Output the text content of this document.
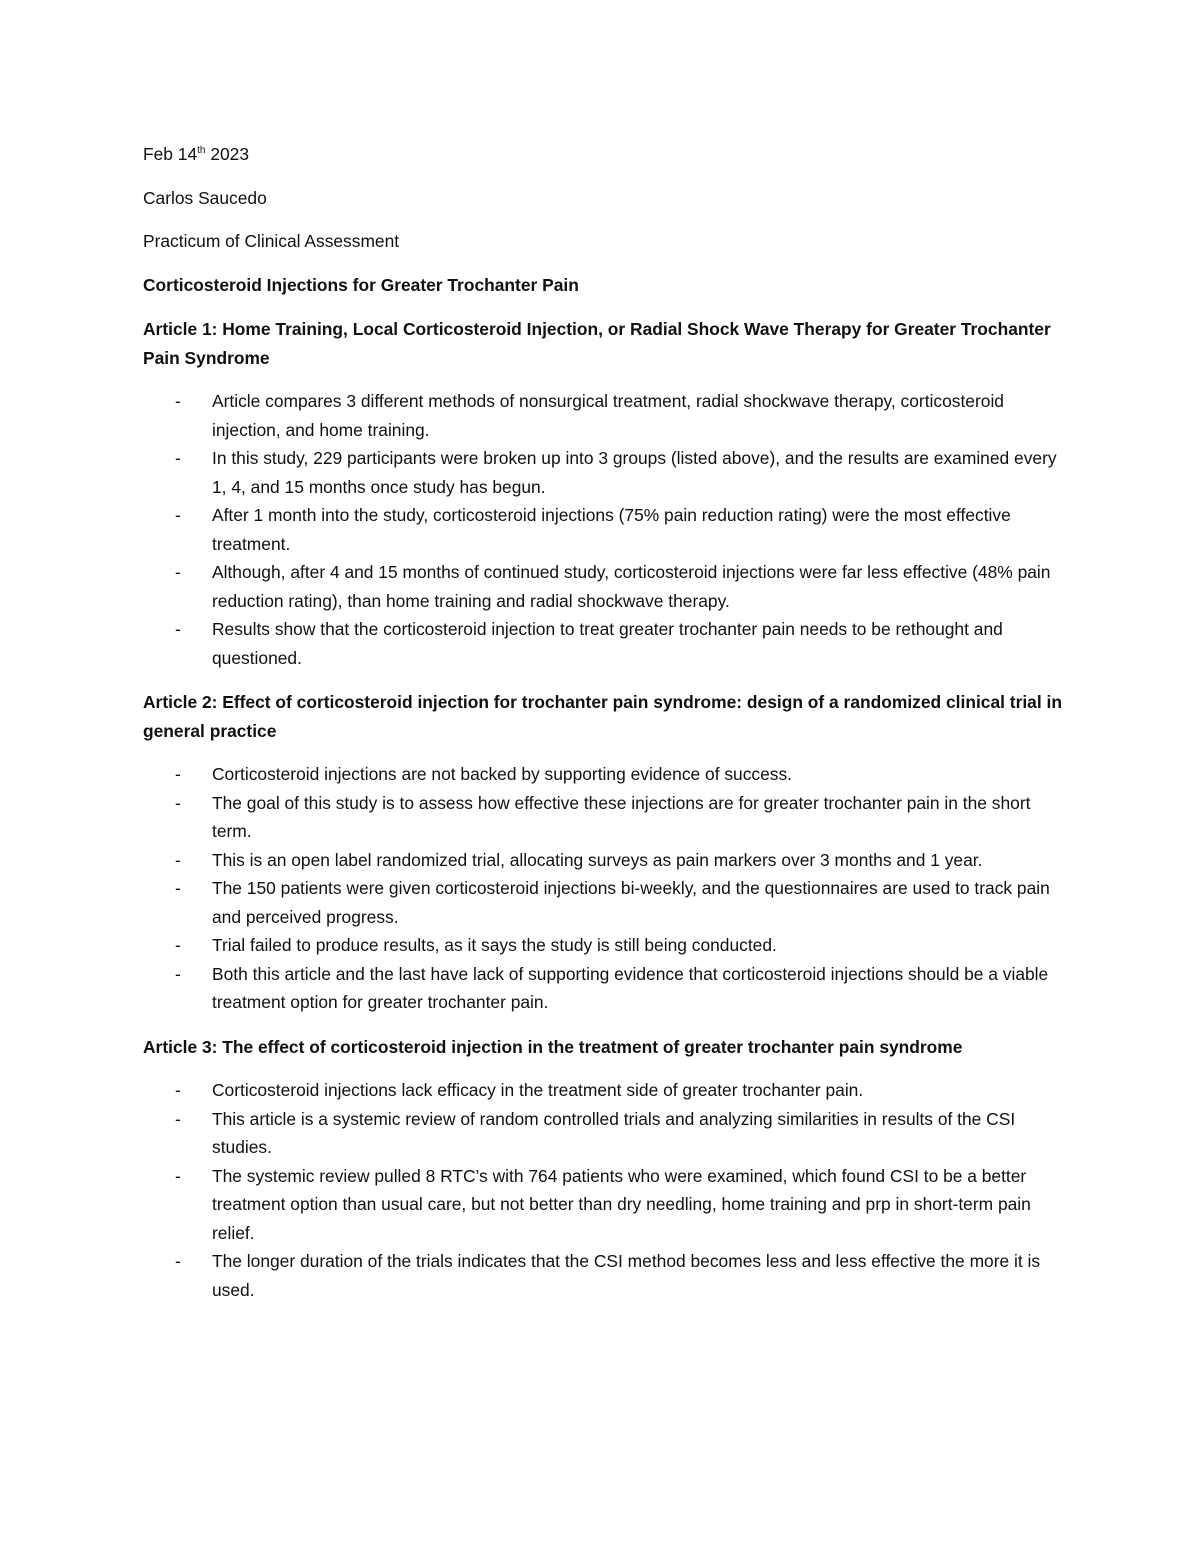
Feb 14th 2023

Carlos Saucedo

Practicum of Clinical Assessment

Corticosteroid Injections for Greater Trochanter Pain

Article 1: Home Training, Local Corticosteroid Injection, or Radial Shock Wave Therapy for Greater Trochanter Pain Syndrome

- Article compares 3 different methods of nonsurgical treatment, radial shockwave therapy, corticosteroid injection, and home training.
- In this study, 229 participants were broken up into 3 groups (listed above), and the results are examined every 1, 4, and 15 months once study has begun.
- After 1 month into the study, corticosteroid injections (75% pain reduction rating) were the most effective treatment.
- Although, after 4 and 15 months of continued study, corticosteroid injections were far less effective (48% pain reduction rating), than home training and radial shockwave therapy.
- Results show that the corticosteroid injection to treat greater trochanter pain needs to be rethought and questioned.

Article 2: Effect of corticosteroid injection for trochanter pain syndrome: design of a randomized clinical trial in general practice

- Corticosteroid injections are not backed by supporting evidence of success.
- The goal of this study is to assess how effective these injections are for greater trochanter pain in the short term.
- This is an open label randomized trial, allocating surveys as pain markers over 3 months and 1 year.
- The 150 patients were given corticosteroid injections bi-weekly, and the questionnaires are used to track pain and perceived progress.
- Trial failed to produce results, as it says the study is still being conducted.
- Both this article and the last have lack of supporting evidence that corticosteroid injections should be a viable treatment option for greater trochanter pain.

Article 3: The effect of corticosteroid injection in the treatment of greater trochanter pain syndrome

- Corticosteroid injections lack efficacy in the treatment side of greater trochanter pain.
- This article is a systemic review of random controlled trials and analyzing similarities in results of the CSI studies.
- The systemic review pulled 8 RTC’s with 764 patients who were examined, which found CSI to be a better treatment option than usual care, but not better than dry needling, home training and prp in short-term pain relief.
- The longer duration of the trials indicates that the CSI method becomes less and less effective the more it is used.
